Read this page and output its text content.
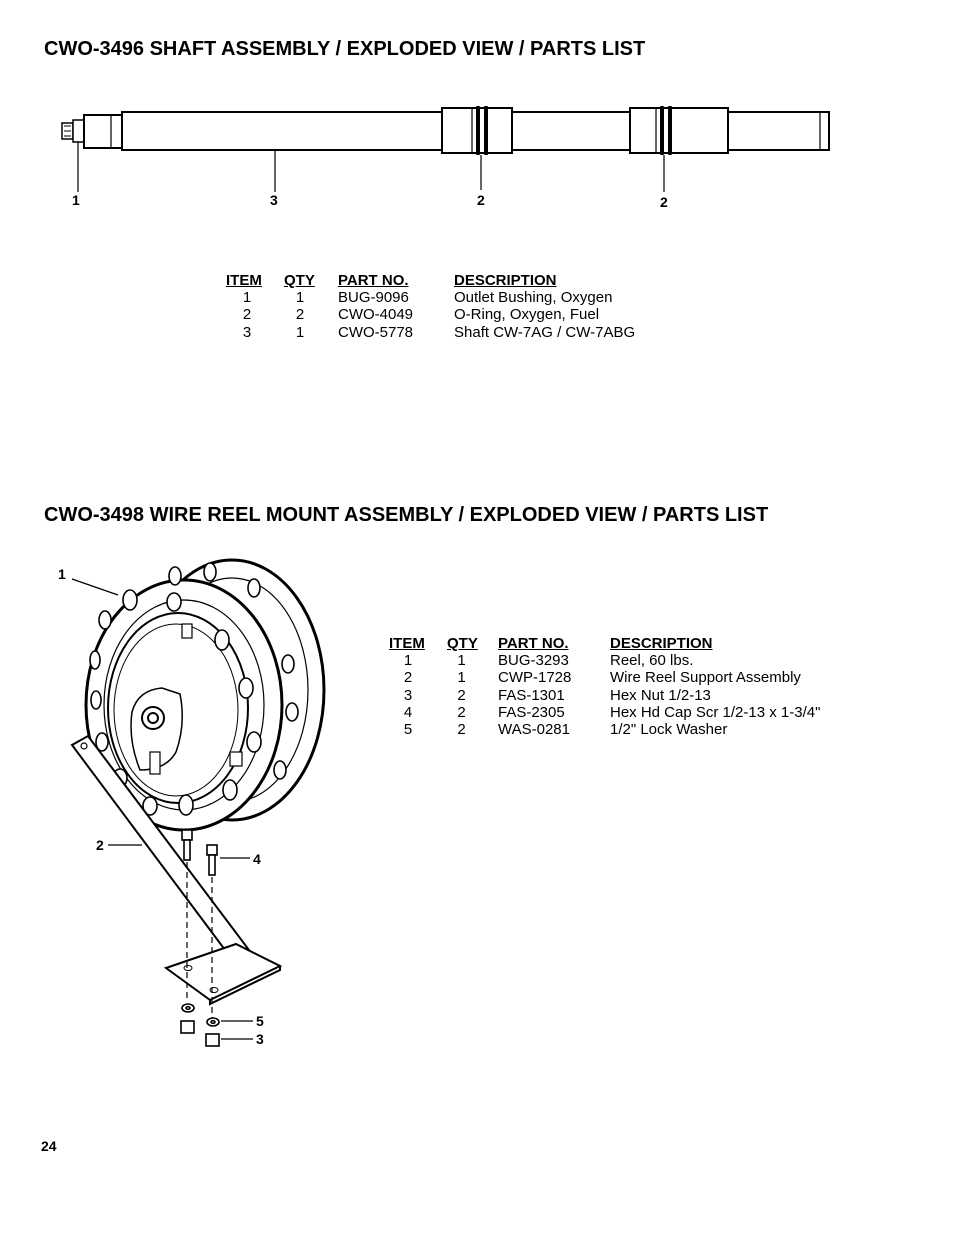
CWO-3496 SHAFT ASSEMBLY / EXPLODED VIEW / PARTS LIST
1	3	2	2
ITEM	QTY	PART NO.	DESCRIPTION
1	1	BUG-9096	Outlet Bushing, Oxygen
2	2	CWO-4049	O-Ring, Oxygen, Fuel
3	1	CWO-5778	Shaft CW-7AG / CW-7ABG
CWO-3498 WIRE REEL MOUNT ASSEMBLY / EXPLODED VIEW / PARTS LIST
1
2
4
5
3
ITEM	QTY	PART NO.	DESCRIPTION
1	1	BUG-3293	Reel, 60 lbs.
2	1	CWP-1728	Wire Reel Support Assembly
3	2	FAS-1301	Hex Nut 1/2-13
4	2	FAS-2305	Hex Hd Cap Scr 1/2-13 x 1-3/4"
5	2	WAS-0281	1/2" Lock Washer
24
